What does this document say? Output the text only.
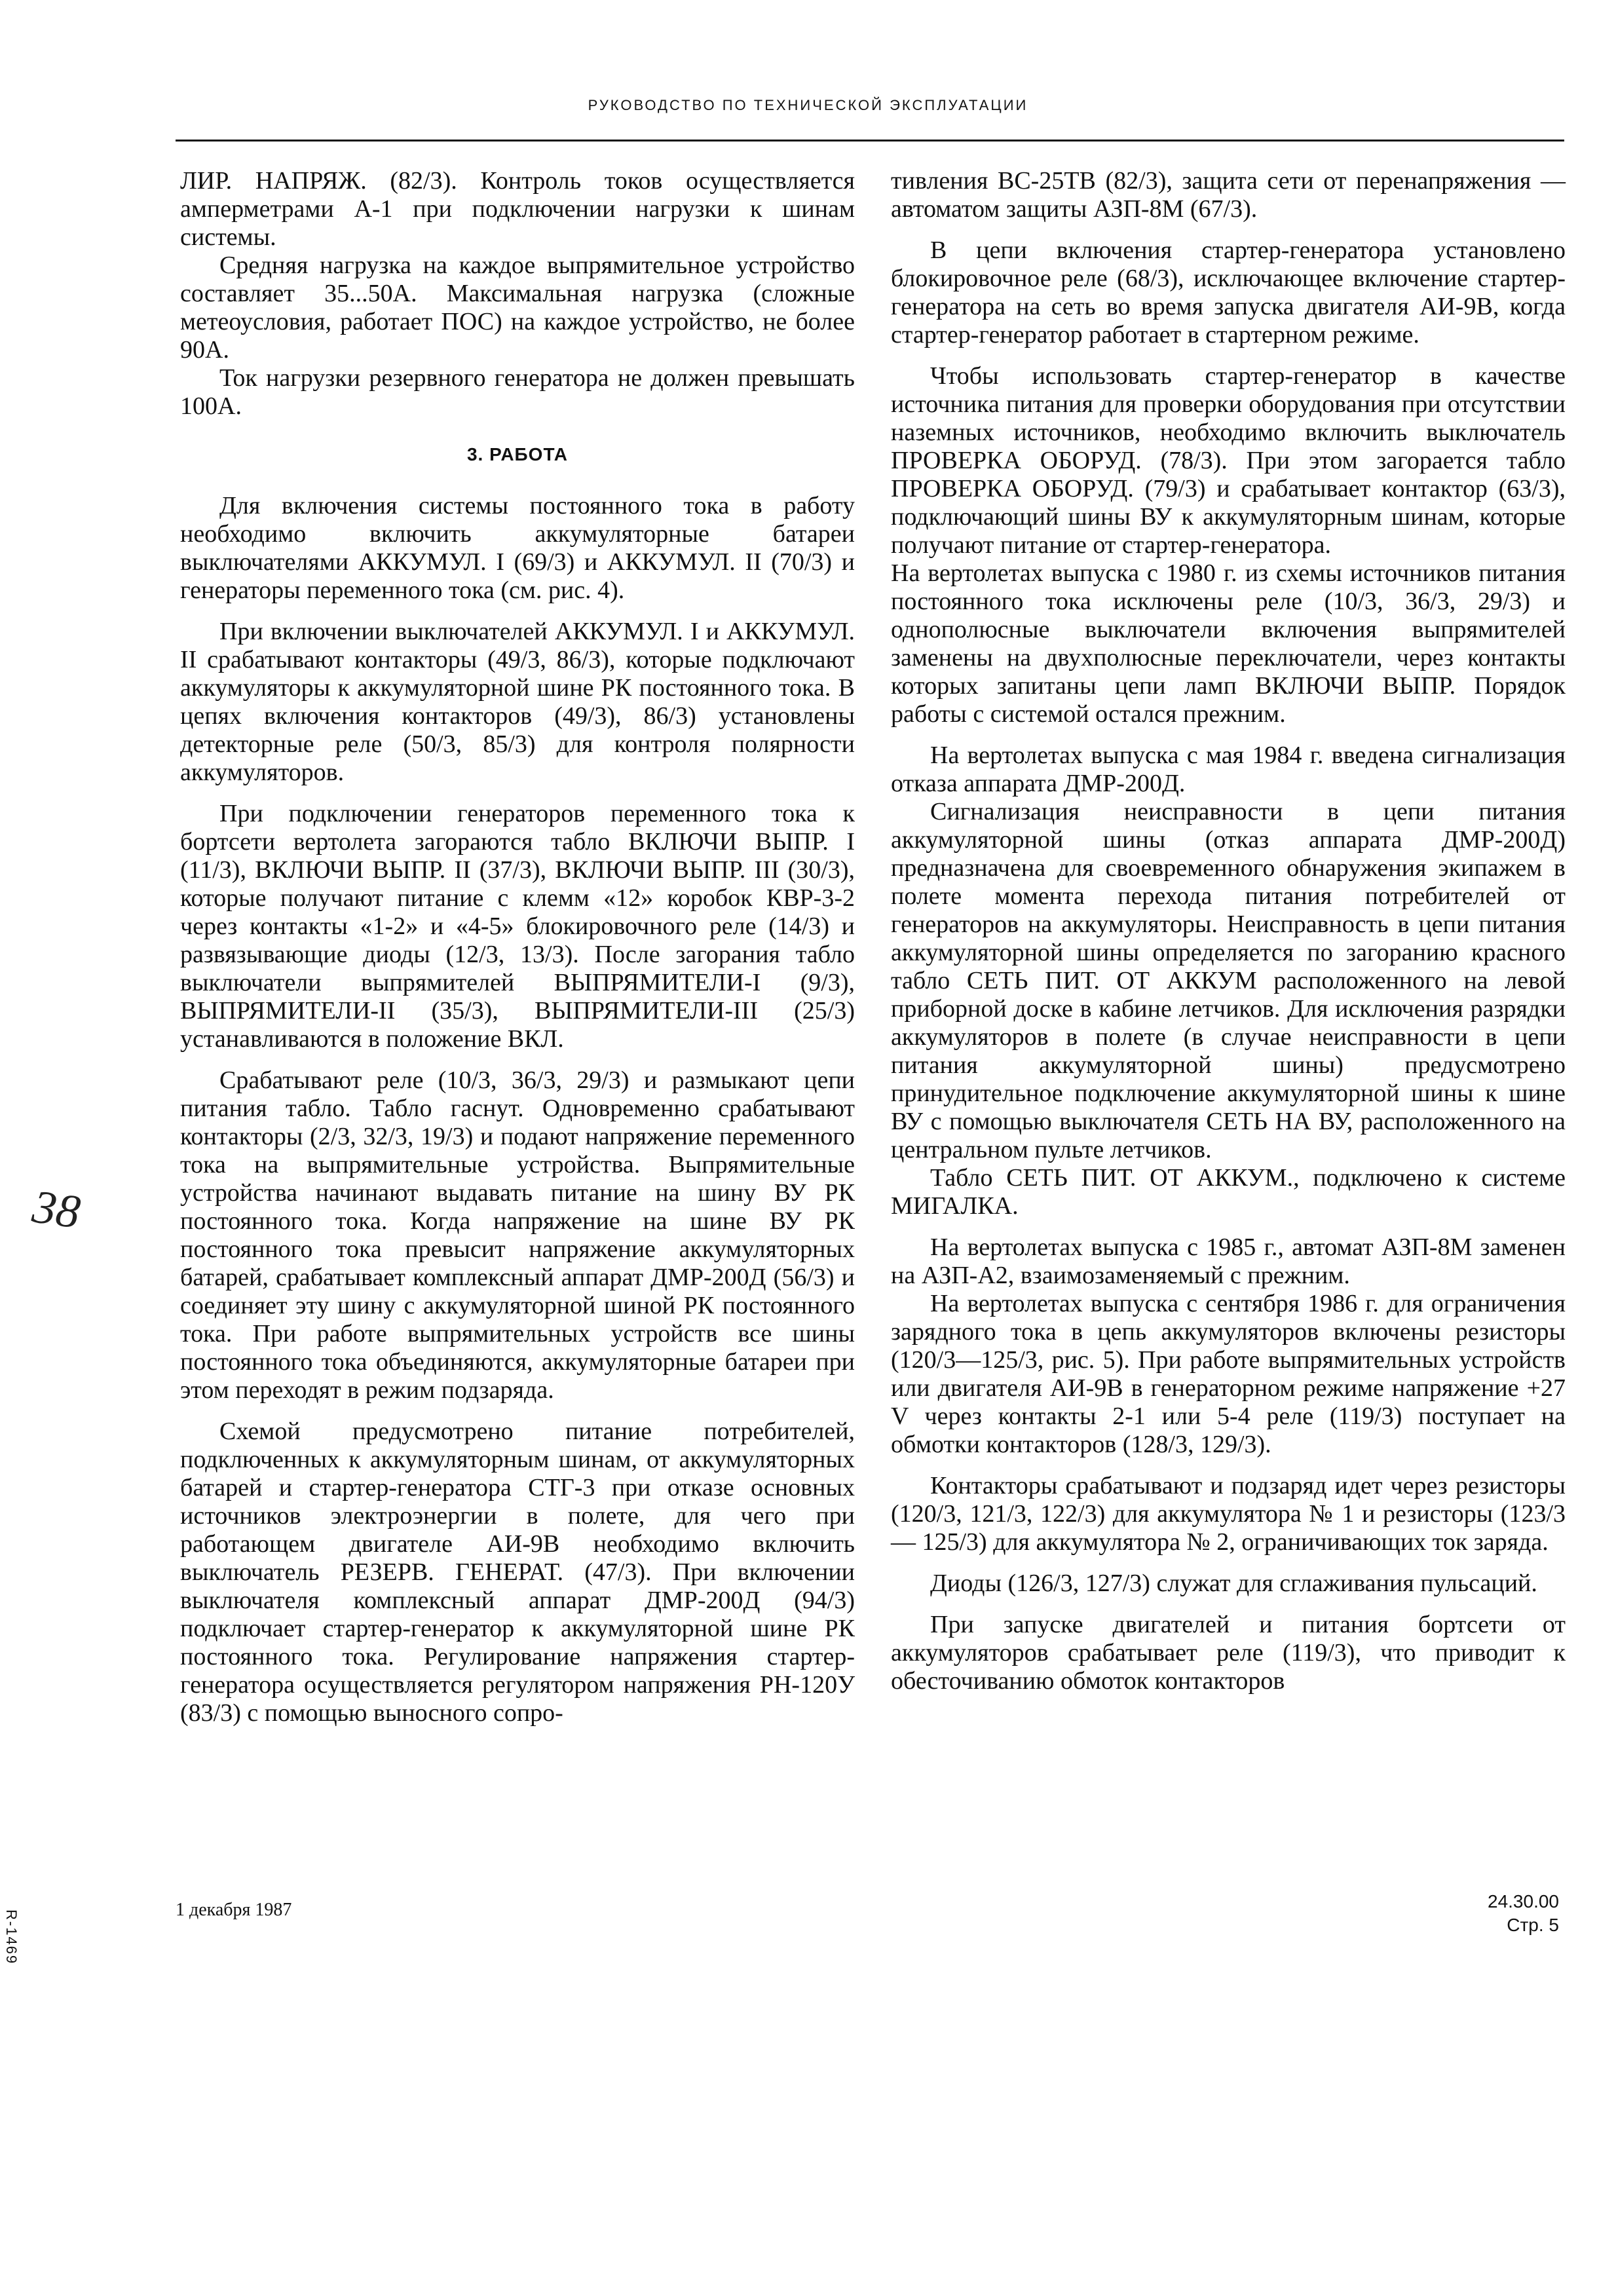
РУКОВОДСТВО ПО ТЕХНИЧЕСКОЙ ЭКСПЛУАТАЦИИ

ЛИР. НАПРЯЖ. (82/3). Контроль токов осуществляется амперметрами А-1 при подключении нагрузки к шинам системы.

Средняя нагрузка на каждое выпрямительное устройство составляет 35...50А. Максимальная нагрузка (сложные метеоусловия, работает ПОС) на каждое устройство, не более 90А.

Ток нагрузки резервного генератора не должен превышать 100А.

3. РАБОТА

Для включения системы постоянного тока в работу необходимо включить аккумуляторные батареи выключателями АККУМУЛ. I (69/3) и АККУМУЛ. II (70/3) и генераторы переменного тока (см. рис. 4).

При включении выключателей АККУМУЛ. I и АККУМУЛ. II срабатывают контакторы (49/3, 86/3), которые подключают аккумуляторы к аккумуляторной шине РК постоянного тока. В цепях включения контакторов (49/3), 86/3) установлены детекторные реле (50/3, 85/3) для контроля полярности аккумуляторов.

При подключении генераторов переменного тока к бортсети вертолета загораются табло ВКЛЮЧИ ВЫПР. I (11/3), ВКЛЮЧИ ВЫПР. II (37/3), ВКЛЮЧИ ВЫПР. III (30/3), которые получают питание с клемм «12» коробок КВР-3-2 через контакты «1-2» и «4-5» блокировочного реле (14/3) и развязывающие диоды (12/3, 13/3). После загорания табло выключатели выпрямителей ВЫПРЯМИТЕЛИ-I (9/3), ВЫПРЯМИТЕЛИ-II (35/3), ВЫПРЯМИТЕЛИ-III (25/3) устанавливаются в положение ВКЛ.

Срабатывают реле (10/3, 36/3, 29/3) и размыкают цепи питания табло. Табло гаснут. Одновременно срабатывают контакторы (2/3, 32/3, 19/3) и подают напряжение переменного тока на выпрямительные устройства. Выпрямительные устройства начинают выдавать питание на шину ВУ РК постоянного тока. Когда напряжение на шине ВУ РК постоянного тока превысит напряжение аккумуляторных батарей, срабатывает комплексный аппарат ДМР-200Д (56/3) и соединяет эту шину с аккумуляторной шиной РК постоянного тока. При работе выпрямительных устройств все шины постоянного тока объединяются, аккумуляторные батареи при этом переходят в режим подзаряда.

Схемой предусмотрено питание потребителей, подключенных к аккумуляторным шинам, от аккумуляторных батарей и стартер-генератора СТГ-3 при отказе основных источников электроэнергии в полете, для чего при работающем двигателе АИ-9В необходимо включить выключатель РЕЗЕРВ. ГЕНЕРАТ. (47/3). При включении выключателя комплексный аппарат ДМР-200Д (94/3) подключает стартер-генератор к аккумуляторной шине РК постоянного тока. Регулирование напряжения стартер-генератора осуществляется регулятором напряжения РН-120У (83/3) с помощью выносного сопро-

тивления ВС-25ТВ (82/3), защита сети от перенапряжения — автоматом защиты АЗП-8М (67/3).

В цепи включения стартер-генератора установлено блокировочное реле (68/3), исключающее включение стартер-генератора на сеть во время запуска двигателя АИ-9В, когда стартер-генератор работает в стартерном режиме.

Чтобы использовать стартер-генератор в качестве источника питания для проверки оборудования при отсутствии наземных источников, необходимо включить выключатель ПРОВЕРКА ОБОРУД. (78/3). При этом загорается табло ПРОВЕРКА ОБОРУД. (79/3) и срабатывает контактор (63/3), подключающий шины ВУ к аккумуляторным шинам, которые получают питание от стартер-генератора.

На вертолетах выпуска с 1980 г. из схемы источников питания постоянного тока исключены реле (10/3, 36/3, 29/3) и однополюсные выключатели включения выпрямителей заменены на двухполюсные переключатели, через контакты которых запитаны цепи ламп ВКЛЮЧИ ВЫПР. Порядок работы с системой остался прежним.

На вертолетах выпуска с мая 1984 г. введена сигнализация отказа аппарата ДМР-200Д.

Сигнализация неисправности в цепи питания аккумуляторной шины (отказ аппарата ДМР-200Д) предназначена для своевременного обнаружения экипажем в полете момента перехода питания потребителей от генераторов на аккумуляторы. Неисправность в цепи питания аккумуляторной шины определяется по загоранию красного табло СЕТЬ ПИТ. ОТ АККУМ расположенного на левой приборной доске в кабине летчиков. Для исключения разрядки аккумуляторов в полете (в случае неисправности в цепи питания аккумуляторной шины) предусмотрено принудительное подключение аккумуляторной шины к шине ВУ с помощью выключателя СЕТЬ НА ВУ, расположенного на центральном пульте летчиков.

Табло СЕТЬ ПИТ. ОТ АККУМ., подключено к системе МИГАЛКА.

На вертолетах выпуска с 1985 г., автомат АЗП-8М заменен на АЗП-А2, взаимозаменяемый с прежним.

На вертолетах выпуска с сентября 1986 г. для ограничения зарядного тока в цепь аккумуляторов включены резисторы (120/3—125/3, рис. 5). При работе выпрямительных устройств или двигателя АИ-9В в генераторном режиме напряжение +27 V через контакты 2-1 или 5-4 реле (119/3) поступает на обмотки контакторов (128/3, 129/3).

Контакторы срабатывают и подзаряд идет через резисторы (120/3, 121/3, 122/3) для аккумулятора № 1 и резисторы (123/3 — 125/3) для аккумулятора № 2, ограничивающих ток заряда.

Диоды (126/3, 127/3) служат для сглаживания пульсаций.

При запуске двигателей и питания бортсети от аккумуляторов срабатывает реле (119/3), что приводит к обесточиванию обмоток контакторов

38
R-1469	1 декабря 1987	24.30.00
Стр. 5
